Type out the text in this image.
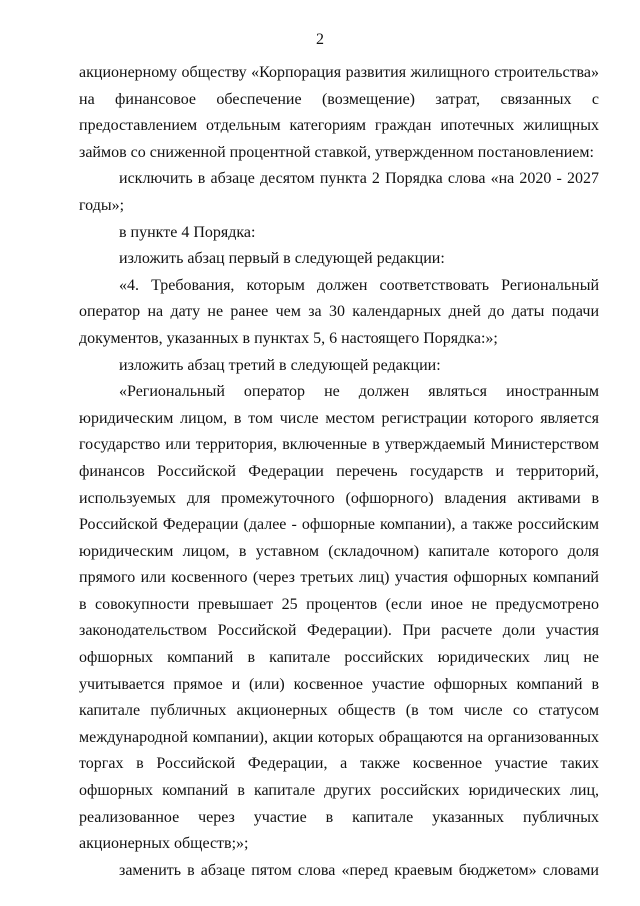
2

акционерному обществу «Корпорация развития жилищного строительства» на финансовое обеспечение (возмещение) затрат, связанных с предоставлением отдельным категориям граждан ипотечных жилищных займов со сниженной процентной ставкой, утвержденном постановлением:

исключить в абзаце десятом пункта 2 Порядка слова «на 2020 - 2027 годы»;

в пункте 4 Порядка:

изложить абзац первый в следующей редакции:

«4. Требования, которым должен соответствовать Региональный оператор на дату не ранее чем за 30 календарных дней до даты подачи документов, указанных в пунктах 5, 6 настоящего Порядка:»;

изложить абзац третий в следующей редакции:

«Региональный оператор не должен являться иностранным юридическим лицом, в том числе местом регистрации которого является государство или территория, включенные в утверждаемый Министерством финансов Российской Федерации перечень государств и территорий, используемых для промежуточного (офшорного) владения активами в Российской Федерации (далее - офшорные компании), а также российским юридическим лицом, в уставном (складочном) капитале которого доля прямого или косвенного (через третьих лиц) участия офшорных компаний в совокупности превышает 25 процентов (если иное не предусмотрено законодательством Российской Федерации). При расчете доли участия офшорных компаний в капитале российских юридических лиц не учитывается прямое и (или) косвенное участие офшорных компаний в капитале публичных акционерных обществ (в том числе со статусом международной компании), акции которых обращаются на организованных торгах в Российской Федерации, а также косвенное участие таких офшорных компаний в капитале других российских юридических лиц, реализованное через участие в капитале указанных публичных акционерных обществ;»;

заменить в абзаце пятом слова «перед краевым бюджетом» словами
